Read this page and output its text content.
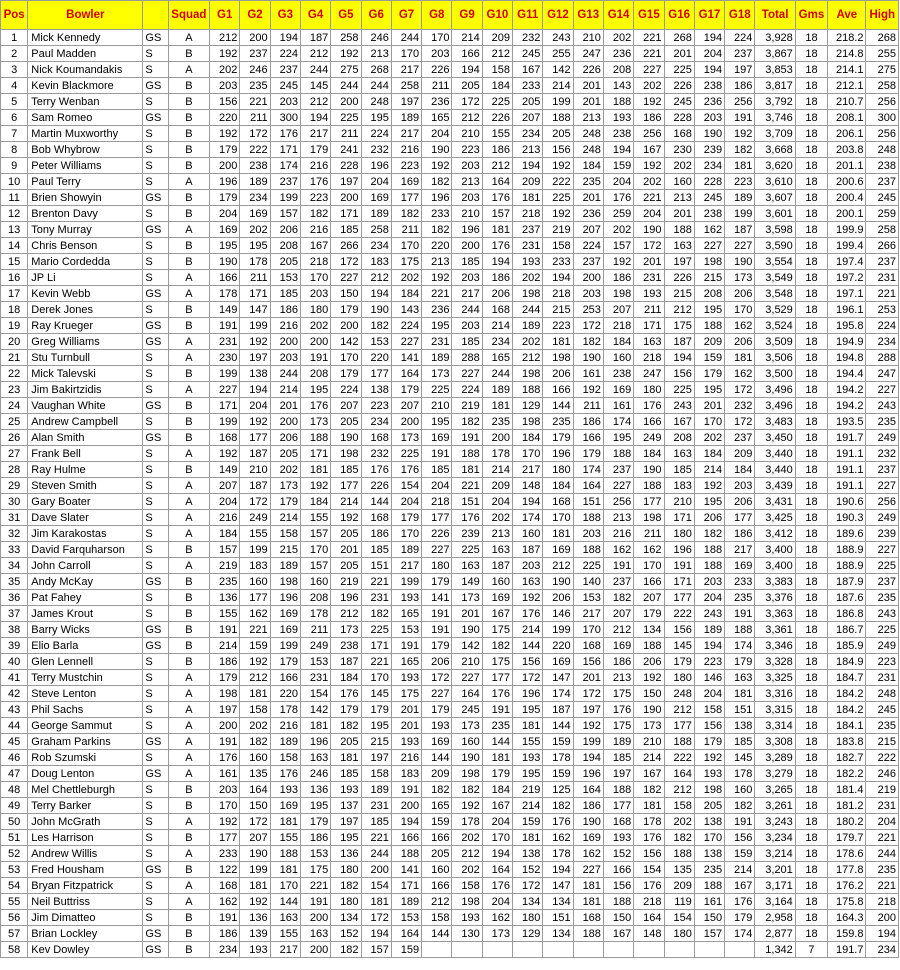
Pos	Bowler		Squad	G1	G2	G3	G4	G5	G6	G7	G8	G9	G10	G11	G12	G13	G14	G15	G16	G17	G18	Total	Gms	Ave	High
1	Mick Kennedy	GS	A	212	200	194	187	258	246	244	170	214	209	232	243	210	202	221	268	194	224	3,928	18	218.2	268
2	Paul Madden	S	B	192	237	224	212	192	213	170	203	166	212	245	255	247	236	221	201	204	237	3,867	18	214.8	255
3	Nick Koumandakis	S	A	202	246	237	244	275	268	217	226	194	158	167	142	226	208	227	225	194	197	3,853	18	214.1	275
4	Kevin Blackmore	GS	B	203	235	245	145	244	244	258	211	205	184	233	214	201	143	202	226	238	186	3,817	18	212.1	258
5	Terry Wenban	S	B	156	221	203	212	200	248	197	236	172	225	205	199	201	188	192	245	236	256	3,792	18	210.7	256
6	Sam Romeo	GS	B	220	211	300	194	225	195	189	165	212	226	207	188	213	193	186	228	203	191	3,746	18	208.1	300
7	Martin Muxworthy	S	B	192	172	176	217	211	224	217	204	210	155	234	205	248	238	256	168	190	192	3,709	18	206.1	256
8	Bob Whybrow	S	B	179	222	171	179	241	232	216	190	223	186	213	156	248	194	167	230	239	182	3,668	18	203.8	248
9	Peter Williams	S	B	200	238	174	216	228	196	223	192	203	212	194	192	184	159	192	202	234	181	3,620	18	201.1	238
10	Paul Terry	S	A	196	189	237	176	197	204	169	182	213	164	209	222	235	204	202	160	228	223	3,610	18	200.6	237
11	Brien Showyin	GS	B	179	234	199	223	200	169	177	196	203	176	181	225	201	176	221	213	245	189	3,607	18	200.4	245
12	Brenton Davy	S	B	204	169	157	182	171	189	182	233	210	157	218	192	236	259	204	201	238	199	3,601	18	200.1	259
13	Tony Murray	GS	A	169	202	206	216	185	258	211	182	196	181	237	219	207	202	190	188	162	187	3,598	18	199.9	258
14	Chris Benson	S	B	195	195	208	167	266	234	170	220	200	176	231	158	224	157	172	163	227	227	3,590	18	199.4	266
15	Mario Cordedda	S	B	190	178	205	218	172	183	175	213	185	194	193	233	237	192	201	197	198	190	3,554	18	197.4	237
16	JP Li	S	A	166	211	153	170	227	212	202	192	203	186	202	194	200	186	231	226	215	173	3,549	18	197.2	231
17	Kevin Webb	GS	A	178	171	185	203	150	194	184	221	217	206	198	218	203	198	193	215	208	206	3,548	18	197.1	221
18	Derek Jones	S	B	149	147	186	180	179	190	143	236	244	168	244	215	253	207	211	212	195	170	3,529	18	196.1	253
19	Ray Krueger	GS	B	191	199	216	202	200	182	224	195	203	214	189	223	172	218	171	175	188	162	3,524	18	195.8	224
20	Greg Williams	GS	A	231	192	200	200	142	153	227	231	185	234	202	181	182	184	163	187	209	206	3,509	18	194.9	234
21	Stu Turnbull	S	A	230	197	203	191	170	220	141	189	288	165	212	198	190	160	218	194	159	181	3,506	18	194.8	288
22	Mick Talevski	S	B	199	138	244	208	179	177	164	173	227	244	198	206	161	238	247	156	179	162	3,500	18	194.4	247
23	Jim Bakirtzidis	S	A	227	194	214	195	224	138	179	225	224	189	188	166	192	169	180	225	195	172	3,496	18	194.2	227
24	Vaughan White	GS	B	171	204	201	176	207	223	207	210	219	181	129	144	211	161	176	243	201	232	3,496	18	194.2	243
25	Andrew Campbell	S	B	199	192	200	173	205	234	200	195	182	235	198	235	186	174	166	167	170	172	3,483	18	193.5	235
26	Alan Smith	GS	B	168	177	206	188	190	168	173	169	191	200	184	179	166	195	249	208	202	237	3,450	18	191.7	249
27	Frank Bell	S	A	192	187	205	171	198	232	225	191	188	178	170	196	179	188	184	163	184	209	3,440	18	191.1	232
28	Ray Hulme	S	B	149	210	202	181	185	176	176	185	181	214	217	180	174	237	190	185	214	184	3,440	18	191.1	237
29	Steven Smith	S	A	207	187	173	192	177	226	154	204	221	209	148	184	164	227	188	183	192	203	3,439	18	191.1	227
30	Gary Boater	S	A	204	172	179	184	214	144	204	218	151	204	194	168	151	256	177	210	195	206	3,431	18	190.6	256
31	Dave Slater	S	A	216	249	214	155	192	168	179	177	176	202	174	170	188	213	198	171	206	177	3,425	18	190.3	249
32	Jim Karakostas	S	A	184	155	158	157	205	186	170	226	239	213	160	181	203	216	211	180	182	186	3,412	18	189.6	239
33	David Farquharson	S	B	157	199	215	170	201	185	189	227	225	163	187	169	188	162	162	196	188	217	3,400	18	188.9	227
34	John Carroll	S	A	219	183	189	157	205	151	217	180	163	187	203	212	225	191	170	191	188	169	3,400	18	188.9	225
35	Andy McKay	GS	B	235	160	198	160	219	221	199	179	149	160	163	190	140	237	166	171	203	233	3,383	18	187.9	237
36	Pat Fahey	S	B	136	177	196	208	196	231	193	141	173	169	192	206	153	182	207	177	204	235	3,376	18	187.6	235
37	James Krout	S	B	155	162	169	178	212	182	165	191	201	167	176	146	217	207	179	222	243	191	3,363	18	186.8	243
38	Barry Wicks	GS	B	191	221	169	211	173	225	153	191	190	175	214	199	170	212	134	156	189	188	3,361	18	186.7	225
39	Elio Barla	GS	B	214	159	199	249	238	171	191	179	142	182	144	220	168	169	188	145	194	174	3,346	18	185.9	249
40	Glen Lennell	S	B	186	192	179	153	187	221	165	206	210	175	156	169	156	186	206	179	223	179	3,328	18	184.9	223
41	Terry Mustchin	S	A	179	212	166	231	184	170	193	172	227	177	172	147	201	213	192	180	146	163	3,325	18	184.7	231
42	Steve Lenton	S	A	198	181	220	154	176	145	175	227	164	176	196	174	172	175	150	248	204	181	3,316	18	184.2	248
43	Phil Sachs	S	A	197	158	178	142	179	179	201	179	245	191	195	187	197	176	190	212	158	151	3,315	18	184.2	245
44	George Sammut	S	A	200	202	216	181	182	195	201	193	173	235	181	144	192	175	173	177	156	138	3,314	18	184.1	235
45	Graham Parkins	GS	A	191	182	189	196	205	215	193	169	160	144	155	159	199	189	210	188	179	185	3,308	18	183.8	215
46	Rob Szumski	S	A	176	160	158	163	181	197	216	144	190	181	193	178	194	185	214	222	192	145	3,289	18	182.7	222
47	Doug Lenton	GS	A	161	135	176	246	185	158	183	209	198	179	195	159	196	197	167	164	193	178	3,279	18	182.2	246
48	Mel Chettleburgh	S	B	203	164	193	136	193	189	191	182	182	184	219	125	164	188	182	212	198	160	3,265	18	181.4	219
49	Terry Barker	S	B	170	150	169	195	137	231	200	165	192	167	214	182	186	177	181	158	205	182	3,261	18	181.2	231
50	John McGrath	S	A	192	172	181	179	197	185	194	159	178	204	159	176	190	168	178	202	138	191	3,243	18	180.2	204
51	Les Harrison	S	B	177	207	155	186	195	221	166	166	202	170	181	162	169	193	176	182	170	156	3,234	18	179.7	221
52	Andrew Willis	S	A	233	190	188	153	136	244	188	205	212	194	138	178	162	152	156	188	138	159	3,214	18	178.6	244
53	Fred Housham	GS	B	122	199	181	175	180	200	141	160	202	164	152	194	227	166	154	135	235	214	3,201	18	177.8	235
54	Bryan Fitzpatrick	S	A	168	181	170	221	182	154	171	166	158	176	172	147	181	156	176	209	188	167	3,171	18	176.2	221
55	Neil Buttriss	S	A	162	192	144	191	180	181	189	212	198	204	134	134	181	188	218	119	161	176	3,164	18	175.8	218
56	Jim Dimatteo	S	B	191	136	163	200	134	172	153	158	193	162	180	151	168	150	164	154	150	179	2,958	18	164.3	200
57	Brian Lockley	GS	B	186	139	155	163	152	194	164	144	130	173	129	134	188	167	148	180	157	174	2,877	18	159.8	194
58	Kev Dowley	GS	B	234	193	217	200	182	157	159												1,342	7	191.7	234
